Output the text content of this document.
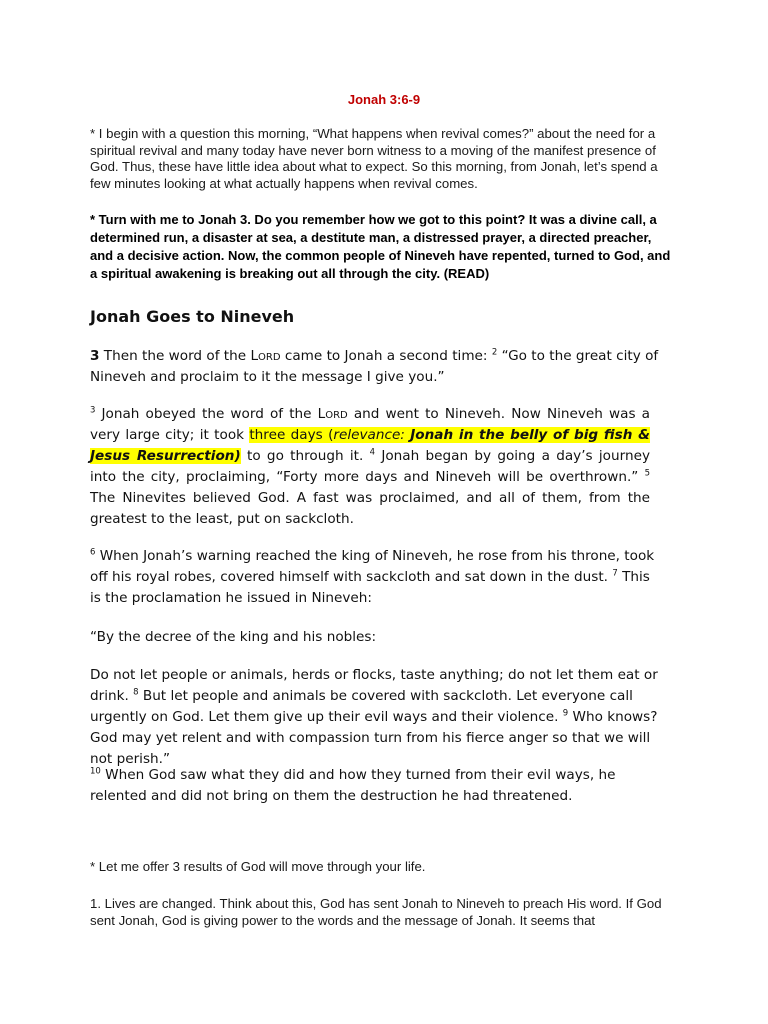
Jonah 3:6-9

* I begin with a question this morning, “What happens when revival comes?” about the need for a spiritual revival and many today have never born witness to a moving of the manifest presence of God. Thus, these have little idea about what to expect. So this morning, from Jonah, let’s spend a few minutes looking at what actually happens when revival comes.

* Turn with me to Jonah 3. Do you remember how we got to this point? It was a divine call, a determined run, a disaster at sea, a destitute man, a distressed prayer, a directed preacher, and a decisive action. Now, the common people of Nineveh have repented, turned to God, and a spiritual awakening is breaking out all through the city. (READ)

Jonah Goes to Nineveh

3 Then the word of the Lord came to Jonah a second time: $^2$ “Go to the great city of Nineveh and proclaim to it the message I give you.”

$^3$ Jonah obeyed the word of the Lord and went to Nineveh. Now Nineveh was a very large city; it took three days (relevance: Jonah in the belly of big fish & Jesus Resurrection) to go through it. $^4$ Jonah began by going a day’s journey into the city, proclaiming, “Forty more days and Nineveh will be overthrown.” $^5$ The Ninevites believed God. A fast was proclaimed, and all of them, from the greatest to the least, put on sackcloth.

$^6$ When Jonah’s warning reached the king of Nineveh, he rose from his throne, took off his royal robes, covered himself with sackcloth and sat down in the dust. $^7$ This is the proclamation he issued in Nineveh:

“By the decree of the king and his nobles:

Do not let people or animals, herds or flocks, taste anything; do not let them eat or drink. $^8$ But let people and animals be covered with sackcloth. Let everyone call urgently on God. Let them give up their evil ways and their violence. $^9$ Who knows? God may yet relent and with compassion turn from his fierce anger so that we will not perish.”

$^{10}$ When God saw what they did and how they turned from their evil ways, he relented and did not bring on them the destruction he had threatened.

* Let me offer 3 results of God will move through your life.

1. Lives are changed. Think about this, God has sent Jonah to Nineveh to preach His word. If God sent Jonah, God is giving power to the words and the message of Jonah. It seems that
